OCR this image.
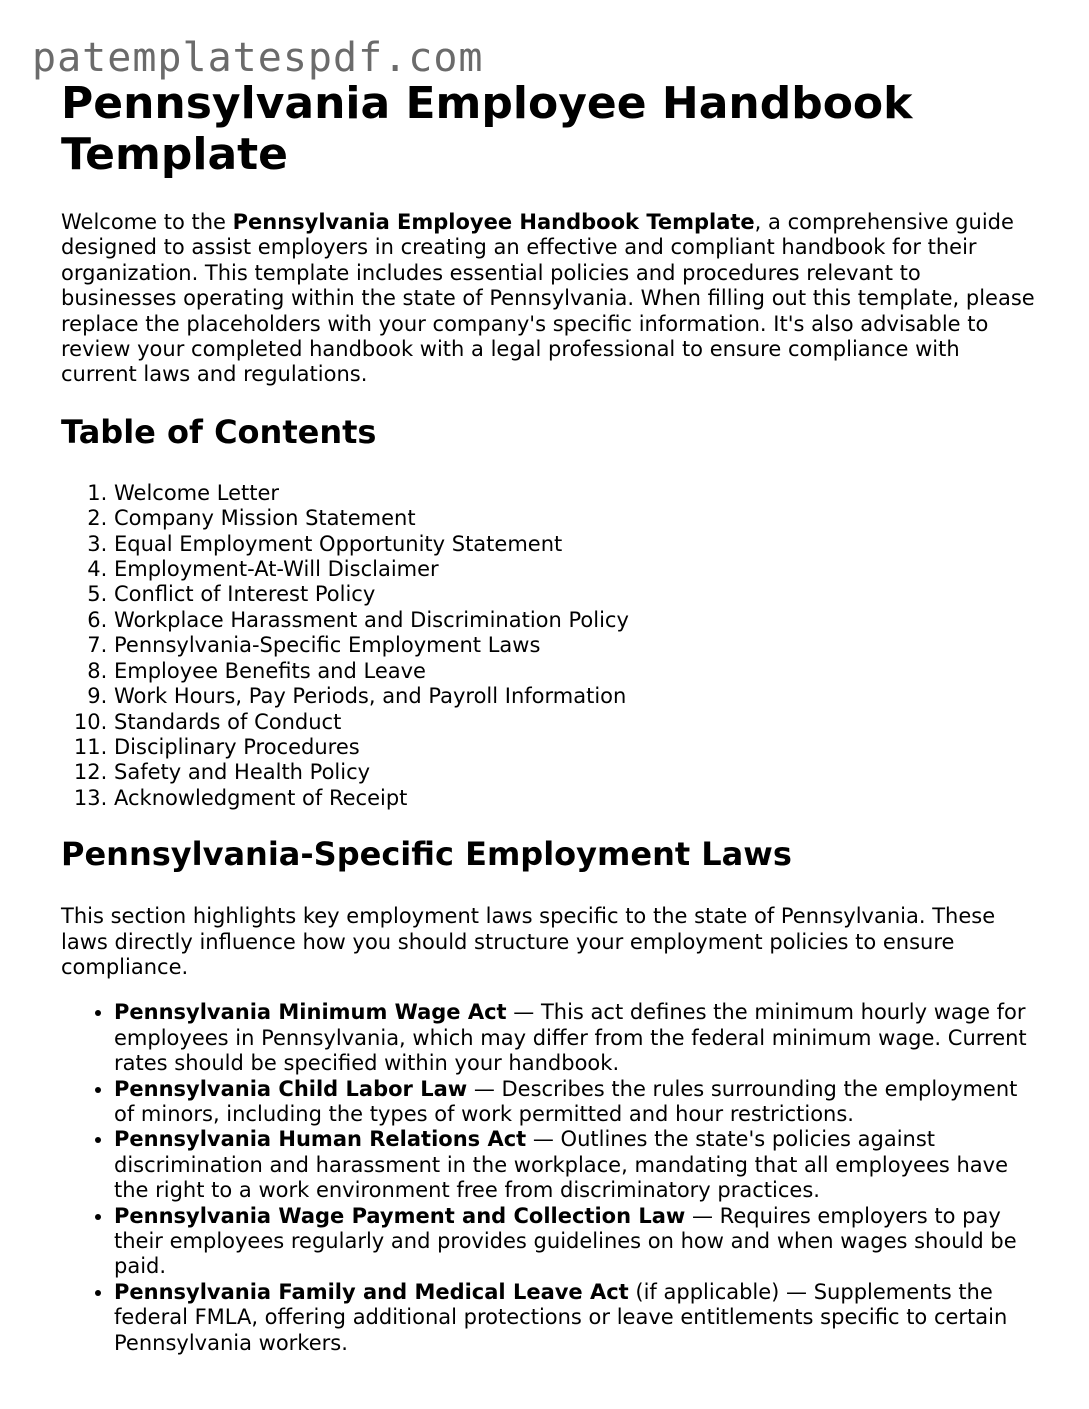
patemplatespdf.com
Pennsylvania Employee Handbook Template

Welcome to the Pennsylvania Employee Handbook Template, a comprehensive guide designed to assist employers in creating an effective and compliant handbook for their organization. This template includes essential policies and procedures relevant to businesses operating within the state of Pennsylvania. When filling out this template, please replace the placeholders with your company's specific information. It's also advisable to review your completed handbook with a legal professional to ensure compliance with current laws and regulations.

Table of Contents
1. Welcome Letter
2. Company Mission Statement
3. Equal Employment Opportunity Statement
4. Employment-At-Will Disclaimer
5. Conflict of Interest Policy
6. Workplace Harassment and Discrimination Policy
7. Pennsylvania-Specific Employment Laws
8. Employee Benefits and Leave
9. Work Hours, Pay Periods, and Payroll Information
10. Standards of Conduct
11. Disciplinary Procedures
12. Safety and Health Policy
13. Acknowledgment of Receipt
Pennsylvania-Specific Employment Laws

This section highlights key employment laws specific to the state of Pennsylvania. These laws directly influence how you should structure your employment policies to ensure compliance.

• Pennsylvania Minimum Wage Act — This act defines the minimum hourly wage for employees in Pennsylvania, which may differ from the federal minimum wage. Current rates should be specified within your handbook.
• Pennsylvania Child Labor Law — Describes the rules surrounding the employment of minors, including the types of work permitted and hour restrictions.
• Pennsylvania Human Relations Act — Outlines the state's policies against discrimination and harassment in the workplace, mandating that all employees have the right to a work environment free from discriminatory practices.
• Pennsylvania Wage Payment and Collection Law — Requires employers to pay their employees regularly and provides guidelines on how and when wages should be paid.
• Pennsylvania Family and Medical Leave Act (if applicable) — Supplements the federal FMLA, offering additional protections or leave entitlements specific to certain Pennsylvania workers.
